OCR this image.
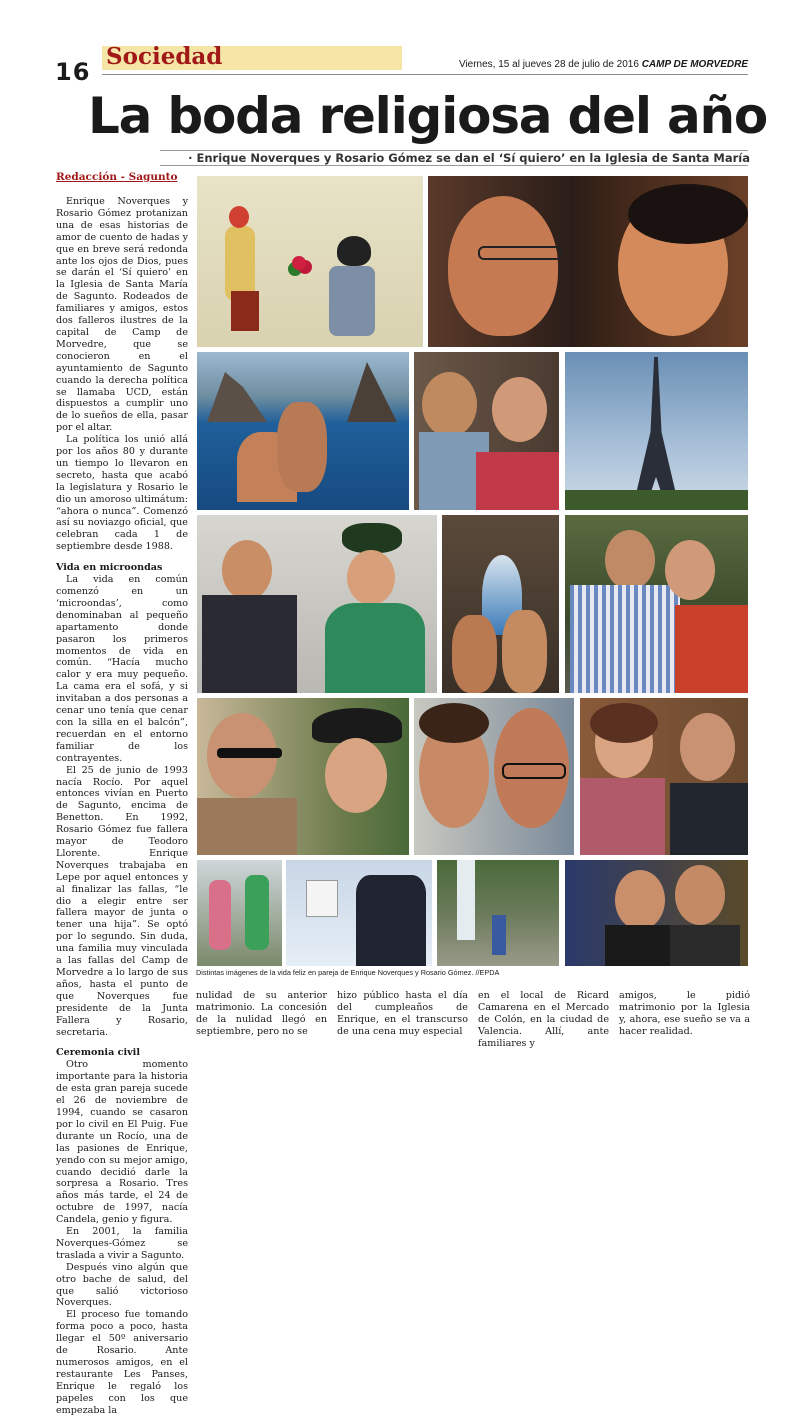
16
Sociedad	Viernes, 15 al jueves 28 de julio de 2016 CAMP DE MORVEDRE
La boda religiosa del año
· Enrique Noverques y Rosario Gómez se dan el ‘Sí quiero’ en la Iglesia de Santa María
Redacción - Sagunto

Enrique Noverques y Rosario Gómez protanizan una de esas historias de amor de cuento de hadas y que en breve será redonda ante los ojos de Dios, pues se darán el ‘Sí quiero’ en la Iglesia de Santa María de Sagunto. Rodeados de familiares y amigos, estos dos falleros ilustres de la capital de Camp de Morvedre, que se conocieron en el ayuntamiento de Sagunto cuando la derecha política se llamaba UCD, están dispuestos a cumplir uno de lo sueños de ella, pasar por el altar.

La política los unió allá por los años 80 y durante un tiempo lo llevaron en secreto, hasta que acabó la legislatura y Rosario le dio un amoroso ultimátum: “ahora o nunca”. Comenzó así su noviazgo oficial, que celebran cada 1 de septiembre desde 1988.

Vida en microondas

La vida en común comenzó en un ‘microondas’, como denominaban al pequeño apartamento donde pasaron los primeros momentos de vida en común. “Hacía mucho calor y era muy pequeño. La cama era el sofá, y si invitaban a dos personas a cenar uno tenía que cenar con la silla en el balcón”, recuerdan en el entorno familiar de los contrayentes.

El 25 de junio de 1993 nacía Rocío. Por aquel entonces vivían en Puerto de Sagunto, encima de Benetton. En 1992, Rosario Gómez fue fallera mayor de Teodoro Llorente. Enrique Noverques trabajaba en Lepe por aquel entonces y al finalizar las fallas, “le dio a elegir entre ser fallera mayor de junta o tener una hija”. Se optó por lo segundo. Sin duda, una familia muy vinculada a las fallas del Camp de Morvedre a lo largo de sus años, hasta el punto de que Noverques fue presidente de la Junta Fallera y Rosario, secretaria.

Ceremonia civil

Otro momento importante para la historia de esta gran pareja sucede el 26 de noviembre de 1994, cuando se casaron por lo civil en El Puig. Fue durante un Rocío, una de las pasiones de Enrique, yendo con su mejor amigo, cuando decidió darle la sorpresa a Rosario. Tres años más tarde, el 24 de octubre de 1997, nacía Candela, genio y figura.

En 2001, la familia Noverques-Gómez se traslada a vivir a Sagunto.

Después vino algún que otro bache de salud, del que salió victorioso Noverques.

El proceso fue tomando forma poco a poco, hasta llegar el 50º aniversario de Rosario. Ante numerosos amigos, en el restaurante Les Panses, Enrique le regaló los papeles con los que empezaba la

Distintas imágenes de la vida feliz en pareja de Enrique Noverques y Rosario Gómez. //EPDA

nulidad de su anterior matrimonio. La concesión de la nulidad llegó en septiembre, pero no se

hizo público hasta el día del cumpleaños de Enrique, en el transcurso de una cena muy especial

en el local de Ricard Camarena en el Mercado de Colón, en la ciudad de Valencia. Allí, ante familiares y

amigos, le pidió matrimonio por la Iglesia y, ahora, ese sueño se va a hacer realidad.
